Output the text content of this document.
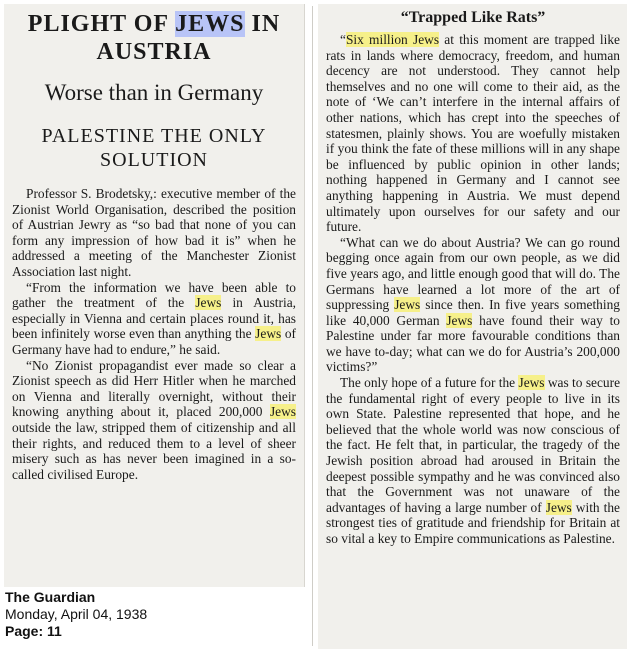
PLIGHT OF JEWS IN AUSTRIA
Worse than in Germany
PALESTINE THE ONLY SOLUTION

Professor S. Brodetsky,: executive member of the Zionist World Organisation, described the position of Austrian Jewry as “so bad that none of you can form any impression of how bad it is” when he addressed a meeting of the Manchester Zionist Association last night.

“From the information we have been able to gather the treatment of the Jews in Austria, especially in Vienna and certain places round it, has been infinitely worse even than anything the Jews of Germany have had to endure,” he said.

“No Zionist propagandist ever made so clear a Zionist speech as did Herr Hitler when he marched on Vienna and literally overnight, without their knowing anything about it, placed 200,000 Jews outside the law, stripped them of citizenship and all their rights, and reduced them to a level of sheer misery such as has never been imagined in a so-called civilised Europe.

“Trapped Like Rats”

“Six million Jews at this moment are trapped like rats in lands where democracy, freedom, and human decency are not understood. They cannot help themselves and no one will come to their aid, as the note of ‘We can’t interfere in the internal affairs of other nations, which has crept into the speeches of statesmen, plainly shows. You are woefully mistaken if you think the fate of these millions will in any shape be influenced by public opinion in other lands; nothing happened in Germany and I cannot see anything happening in Austria. We must depend ultimately upon ourselves for our safety and our future.

“What can we do about Austria? We can go round begging once again from our own people, as we did five years ago, and little enough good that will do. The Germans have learned a lot more of the art of suppressing Jews since then. In five years something like 40,000 German Jews have found their way to Palestine under far more favourable conditions than we have to-day; what can we do for Austria’s 200,000 victims?”

The only hope of a future for the Jews was to secure the fundamental right of every people to live in its own State. Palestine represented that hope, and he believed that the whole world was now conscious of the fact. He felt that, in particular, the tragedy of the Jewish position abroad had aroused in Britain the deepest possible sympathy and he was convinced also that the Government was not unaware of the advantages of having a large number of Jews with the strongest ties of gratitude and friendship for Britain at so vital a key to Empire communications as Palestine.

The Guardian
Monday, April 04, 1938
Page: 11
